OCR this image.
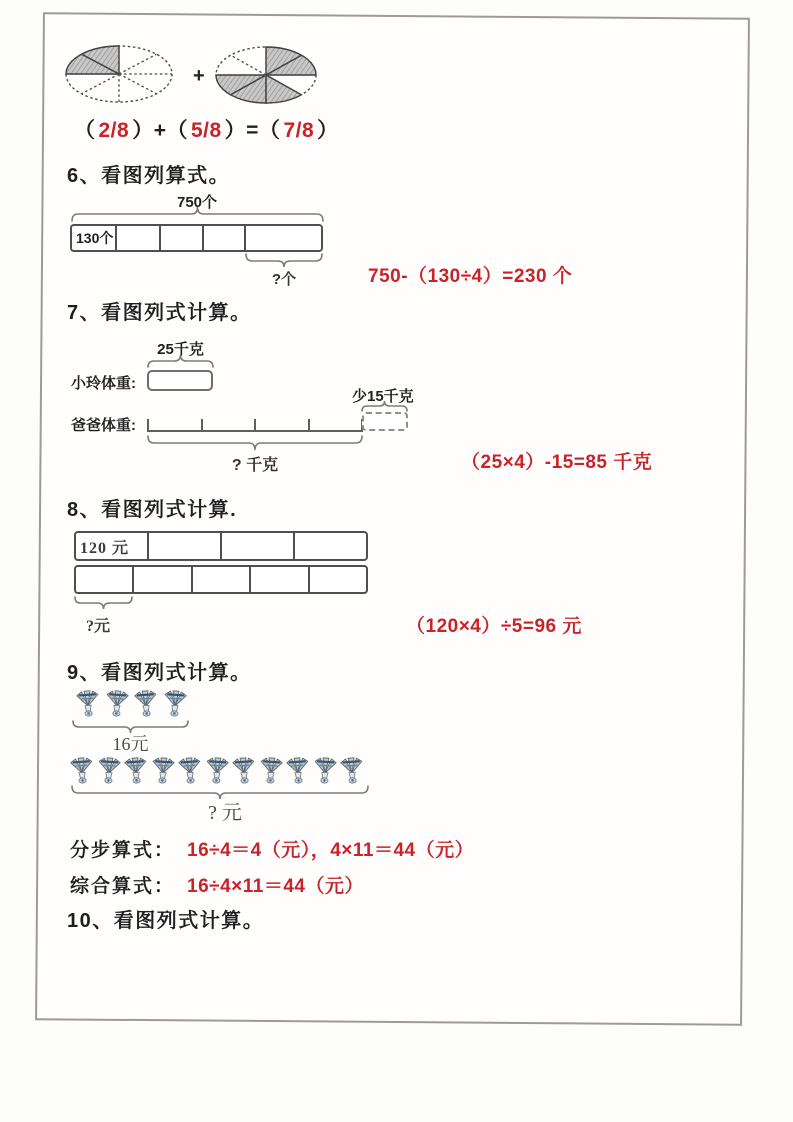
+
（ 2/8 ）+（ 5/8 ）=（ 7/8 ）
6、看图列算式。
750个
130个
?个	750-（130÷4）=230 个
7、看图列式计算。
25千克
小玲体重:
少15千克
爸爸体重:
? 千克	（25×4）-15=85 千克
8、看图列式计算.
120 元
?元	（120×4）÷5=96 元
9、看图列式计算。
16元
? 元
分步算式： 16÷4＝4（元），4×11＝44（元）
综合算式： 16÷4×11＝44（元）
10、看图列式计算。
